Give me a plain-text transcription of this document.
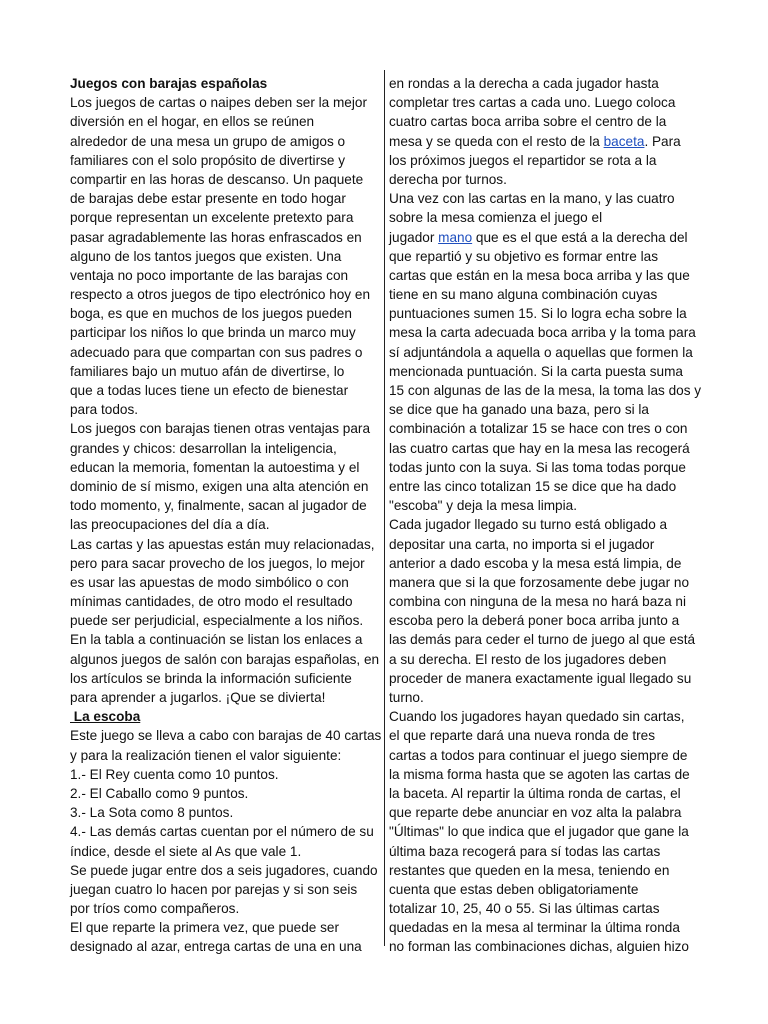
Juegos con barajas españolas
Los juegos de cartas o naipes deben ser la mejor
diversión en el hogar, en ellos se reúnen
alrededor de una mesa un grupo de amigos o
familiares con el solo propósito de divertirse y
compartir en las horas de descanso. Un paquete
de barajas debe estar presente en todo hogar
porque representan un excelente pretexto para
pasar agradablemente las horas enfrascados en
alguno de los tantos juegos que existen. Una
ventaja no poco importante de las barajas con
respecto a otros juegos de tipo electrónico hoy en
boga, es que en muchos de los juegos pueden
participar los niños lo que brinda un marco muy
adecuado para que compartan con sus padres o
familiares bajo un mutuo afán de divertirse, lo
que a todas luces tiene un efecto de bienestar
para todos.
Los juegos con barajas tienen otras ventajas para
grandes y chicos: desarrollan la inteligencia,
educan la memoria, fomentan la autoestima y el
dominio de sí mismo, exigen una alta atención en
todo momento, y, finalmente, sacan al jugador de
las preocupaciones del día a día.
Las cartas y las apuestas están muy relacionadas,
pero para sacar provecho de los juegos, lo mejor
es usar las apuestas de modo simbólico o con
mínimas cantidades, de otro modo el resultado
puede ser perjudicial, especialmente a los niños.
En la tabla a continuación se listan los enlaces a
algunos juegos de salón con barajas españolas, en
los artículos se brinda la información suficiente
para aprender a jugarlos. ¡Que se divierta!
La escoba
Este juego se lleva a cabo con barajas de 40 cartas
y para la realización tienen el valor siguiente:
1.- El Rey cuenta como 10 puntos.
2.- El Caballo como 9 puntos.
3.- La Sota como 8 puntos.
4.- Las demás cartas cuentan por el número de su
índice, desde el siete al As que vale 1.
Se puede jugar entre dos a seis jugadores, cuando
juegan cuatro lo hacen por parejas y si son seis
por tríos como compañeros.
El que reparte la primera vez, que puede ser
designado al azar, entrega cartas de una en una
en rondas a la derecha a cada jugador hasta
completar tres cartas a cada uno. Luego coloca
cuatro cartas boca arriba sobre el centro de la
mesa y se queda con el resto de la baceta. Para
los próximos juegos el repartidor se rota a la
derecha por turnos.
Una vez con las cartas en la mano, y las cuatro
sobre la mesa comienza el juego el
jugador mano que es el que está a la derecha del
que repartió y su objetivo es formar entre las
cartas que están en la mesa boca arriba y las que
tiene en su mano alguna combinación cuyas
puntuaciones sumen 15. Si lo logra echa sobre la
mesa la carta adecuada boca arriba y la toma para
sí adjuntándola a aquella o aquellas que formen la
mencionada puntuación. Si la carta puesta suma
15 con algunas de las de la mesa, la toma las dos y
se dice que ha ganado una baza, pero si la
combinación a totalizar 15 se hace con tres o con
las cuatro cartas que hay en la mesa las recogerá
todas junto con la suya. Si las toma todas porque
entre las cinco totalizan 15 se dice que ha dado
"escoba" y deja la mesa limpia.
Cada jugador llegado su turno está obligado a
depositar una carta, no importa si el jugador
anterior a dado escoba y la mesa está limpia, de
manera que si la que forzosamente debe jugar no
combina con ninguna de la mesa no hará baza ni
escoba pero la deberá poner boca arriba junto a
las demás para ceder el turno de juego al que está
a su derecha. El resto de los jugadores deben
proceder de manera exactamente igual llegado su
turno.
Cuando los jugadores hayan quedado sin cartas,
el que reparte dará una nueva ronda de tres
cartas a todos para continuar el juego siempre de
la misma forma hasta que se agoten las cartas de
la baceta. Al repartir la última ronda de cartas, el
que reparte debe anunciar en voz alta la palabra
"Últimas" lo que indica que el jugador que gane la
última baza recogerá para sí todas las cartas
restantes que queden en la mesa, teniendo en
cuenta que estas deben obligatoriamente
totalizar 10, 25, 40 o 55. Si las últimas cartas
quedadas en la mesa al terminar la última ronda
no forman las combinaciones dichas, alguien hizo
